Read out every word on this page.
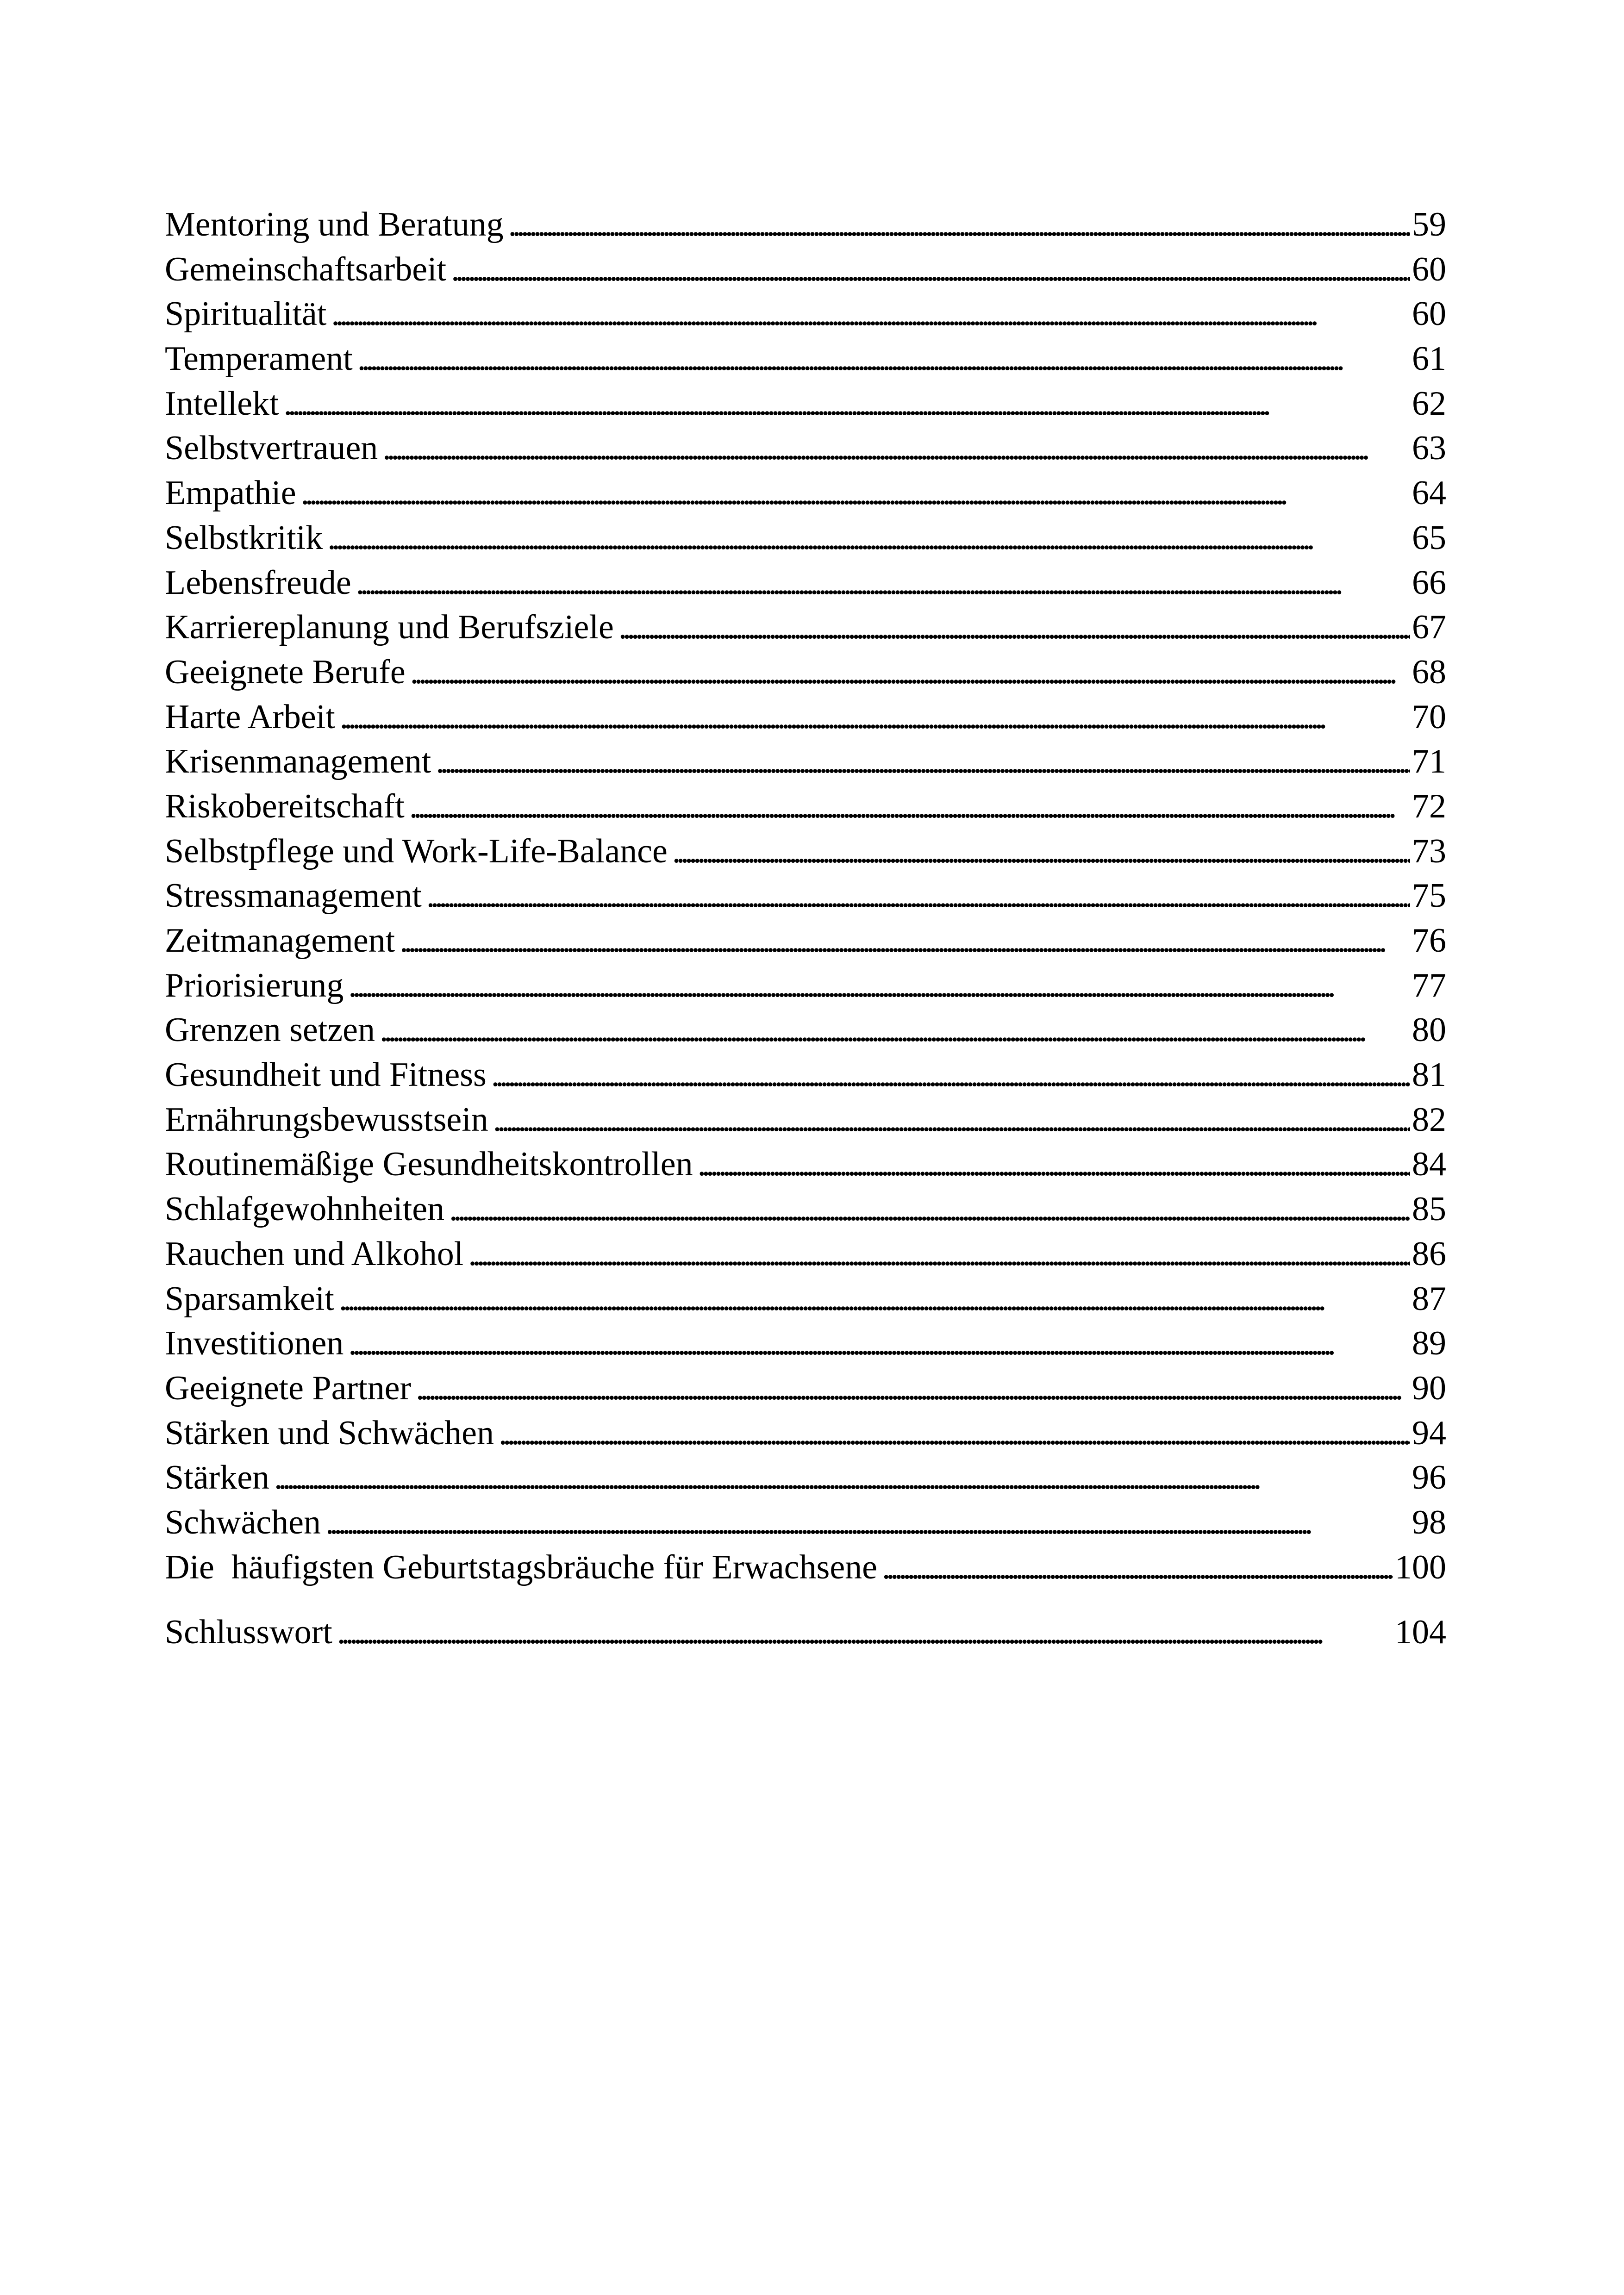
Mentoring und Beratung . . .	59
Gemeinschaftsarbeit . . .	60
Spiritualität . . .	60
Temperament . . .	61
Intellekt . . .	62
Selbstvertrauen . . .	63
Empathie . . .	64
Selbstkritik . . .	65
Lebensfreude . . .	66
Karriereplanung und Berufsziele . . .	67
Geeignete Berufe . . .	68
Harte Arbeit . . .	70
Krisenmanagement . . .	71
Riskobereitschaft . . .	72
Selbstpflege und Work-Life-Balance . . .	73
Stressmanagement . . .	75
Zeitmanagement . . .	76
Priorisierung . . .	77
Grenzen setzen . . .	80
Gesundheit und Fitness . . .	81
Ernährungsbewusstsein . . .	82
Routinemäßige Gesundheitskontrollen . . .	84
Schlafgewohnheiten . . .	85
Rauchen und Alkohol . . .	86
Sparsamkeit . . .	87
Investitionen . . .	89
Geeignete Partner . . .	90
Stärken und Schwächen . . .	94
Stärken . . .	96
Schwächen . . .	98
Die  häufigsten Geburtstagsbräuche für Erwachsene . . .	100
Schlusswort . . .	104
